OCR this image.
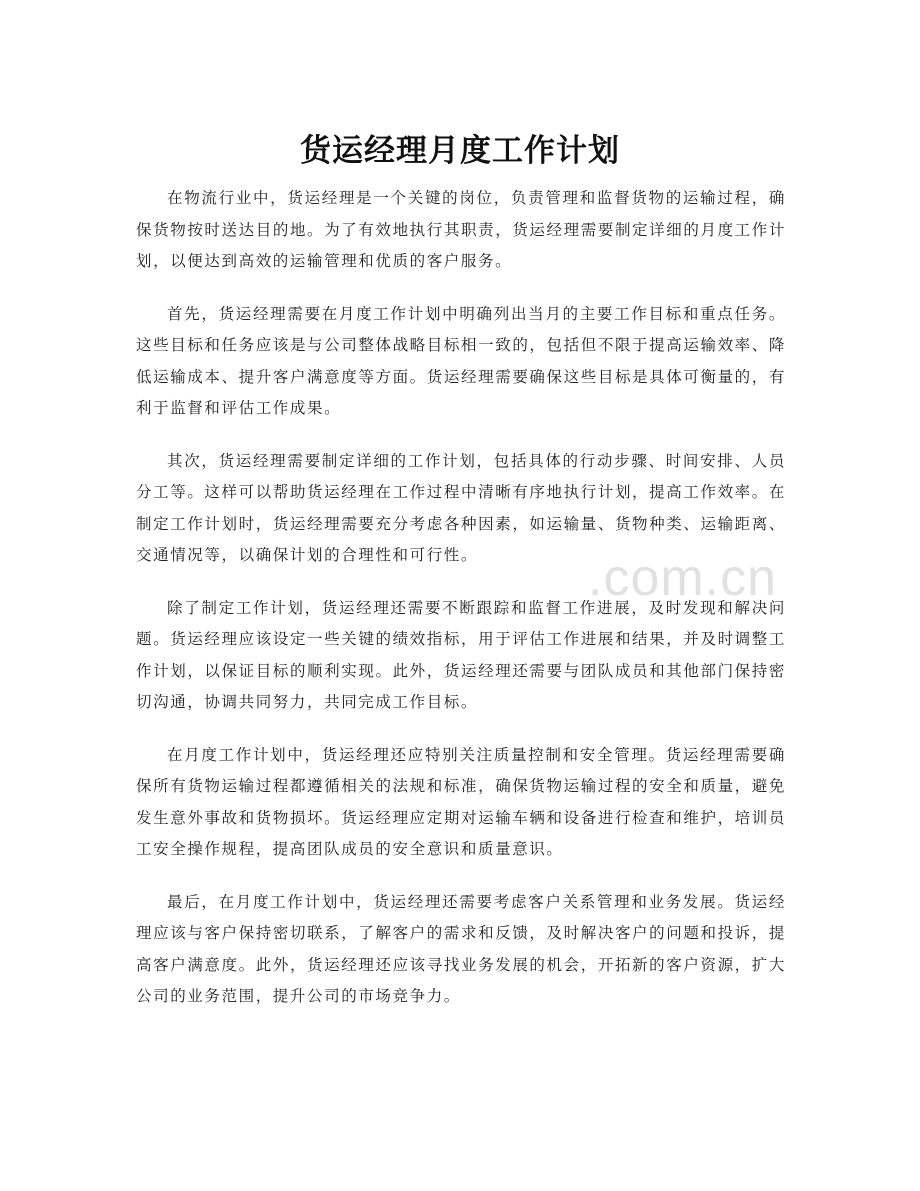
货运经理月度工作计划

在物流行业中，货运经理是一个关键的岗位，负责管理和监督货物的运输过程，确保货物按时送达目的地。为了有效地执行其职责，货运经理需要制定详细的月度工作计划，以便达到高效的运输管理和优质的客户服务。

首先，货运经理需要在月度工作计划中明确列出当月的主要工作目标和重点任务。这些目标和任务应该是与公司整体战略目标相一致的，包括但不限于提高运输效率、降低运输成本、提升客户满意度等方面。货运经理需要确保这些目标是具体可衡量的，有利于监督和评估工作成果。

其次，货运经理需要制定详细的工作计划，包括具体的行动步骤、时间安排、人员分工等。这样可以帮助货运经理在工作过程中清晰有序地执行计划，提高工作效率。在制定工作计划时，货运经理需要充分考虑各种因素，如运输量、货物种类、运输距离、交通情况等，以确保计划的合理性和可行性。

除了制定工作计划，货运经理还需要不断跟踪和监督工作进展，及时发现和解决问题。货运经理应该设定一些关键的绩效指标，用于评估工作进展和结果，并及时调整工作计划，以保证目标的顺利实现。此外，货运经理还需要与团队成员和其他部门保持密切沟通，协调共同努力，共同完成工作目标。

在月度工作计划中，货运经理还应特别关注质量控制和安全管理。货运经理需要确保所有货物运输过程都遵循相关的法规和标准，确保货物运输过程的安全和质量，避免发生意外事故和货物损坏。货运经理应定期对运输车辆和设备进行检查和维护，培训员工安全操作规程，提高团队成员的安全意识和质量意识。

最后，在月度工作计划中，货运经理还需要考虑客户关系管理和业务发展。货运经理应该与客户保持密切联系，了解客户的需求和反馈，及时解决客户的问题和投诉，提高客户满意度。此外，货运经理还应该寻找业务发展的机会，开拓新的客户资源，扩大公司的业务范围，提升公司的市场竞争力。

.com.cn
